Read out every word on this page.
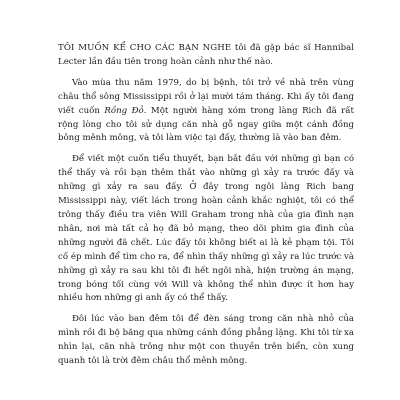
TÔI MUỐN KỂ CHO CÁC BẠN NGHE tôi đã gặp bác sĩ Hannibal Lecter lần đầu tiên trong hoàn cảnh như thế nào.

Vào mùa thu năm 1979, do bị bệnh, tôi trở về nhà trên vùng châu thổ sông Mississippi rồi ở lại mười tám tháng. Khi ấy tôi đang viết cuốn Rồng Đỏ. Một người hàng xóm trong làng Rich đã rất rộng lòng cho tôi sử dụng căn nhà gỗ ngay giữa một cánh đồng bông mênh mông, và tôi làm việc tại đấy, thường là vào ban đêm.

Để viết một cuốn tiểu thuyết, bạn bắt đầu với những gì bạn có thể thấy và rồi bạn thêm thắt vào những gì xảy ra trước đấy và những gì xảy ra sau đấy. Ở đây trong ngôi làng Rich bang Mississippi này, viết lách trong hoàn cảnh khắc nghiệt, tôi có thể trông thấy điều tra viên Will Graham trong nhà của gia đình nạn nhân, nơi mà tất cả họ đã bỏ mạng, theo dõi phim gia đình của những người đã chết. Lúc đấy tôi không biết ai là kẻ phạm tội. Tôi cố ép mình để tìm cho ra, để nhìn thấy những gì xảy ra lúc trước và những gì xảy ra sau khi tôi đi hết ngôi nhà, hiện trường án mạng, trong bóng tối cùng với Will và không thể nhìn được ít hơn hay nhiều hơn những gì anh ấy có thể thấy.

Đôi lúc vào ban đêm tôi để đèn sáng trong căn nhà nhỏ của mình rồi đi bộ băng qua những cánh đồng phẳng lặng. Khi tôi từ xa nhìn lại, căn nhà trông như một con thuyền trên biển, còn xung quanh tôi là trời đêm châu thổ mênh mông.
